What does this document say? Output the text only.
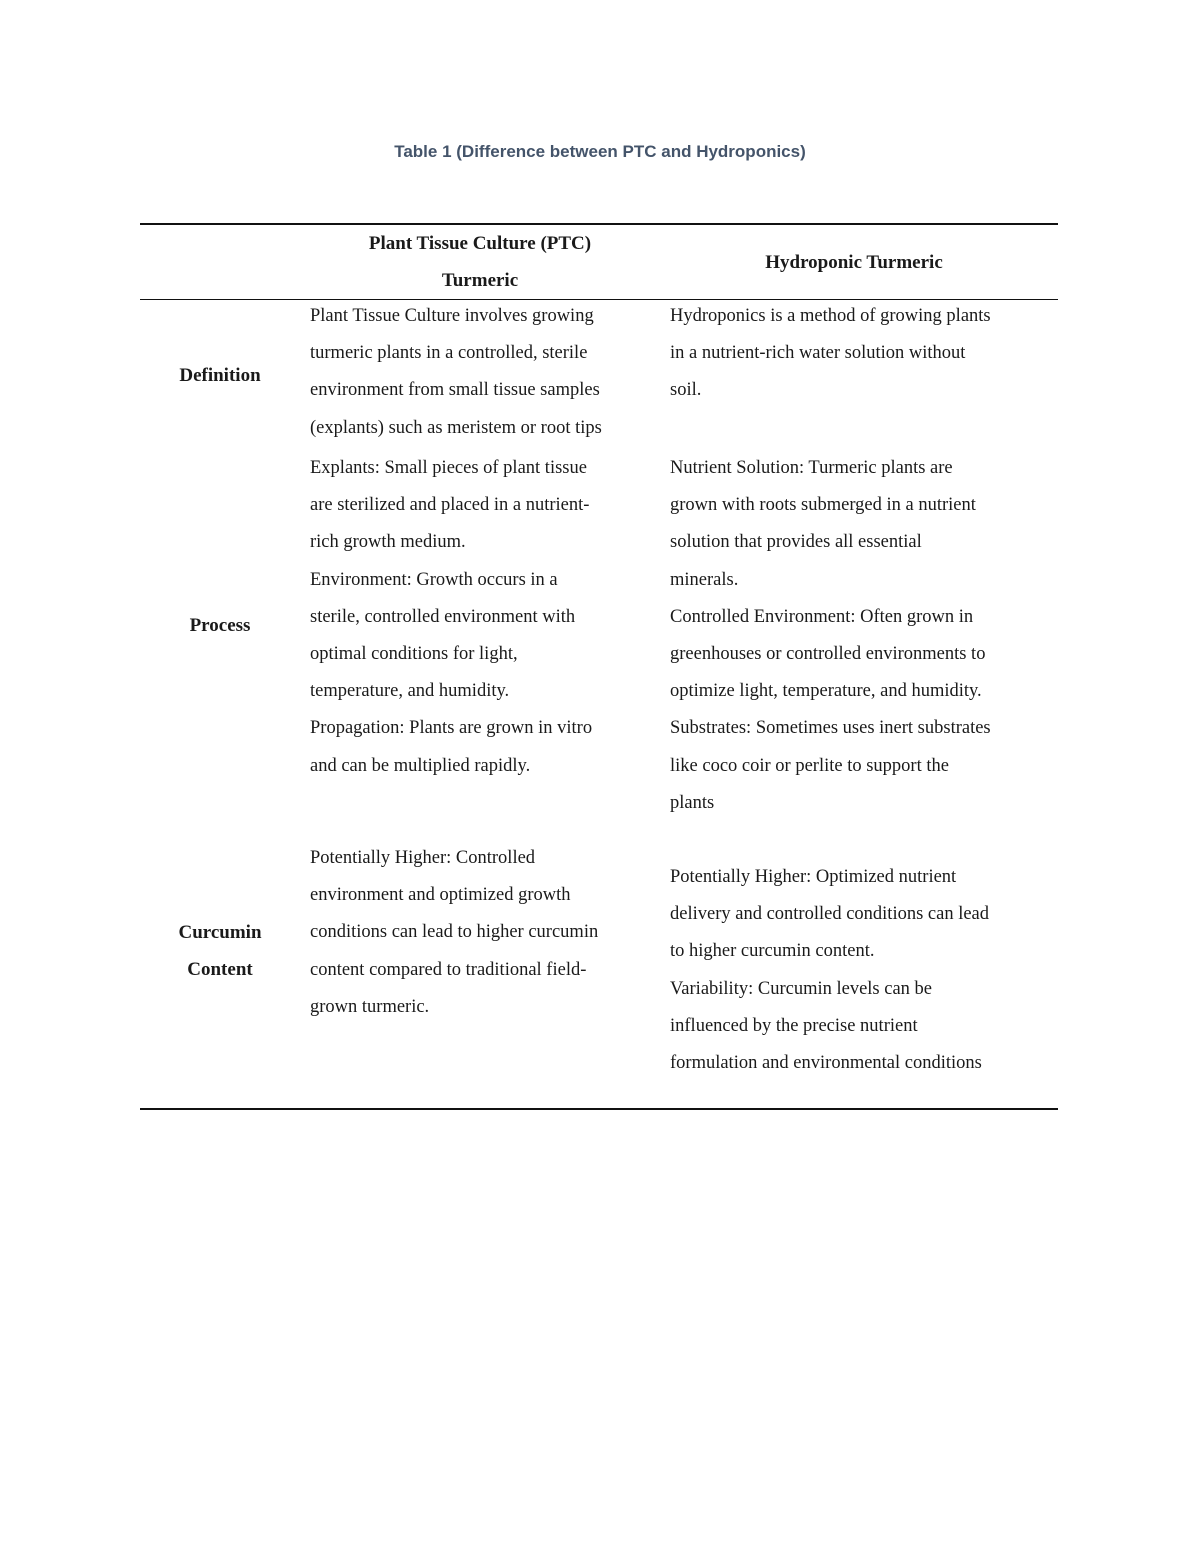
Table 1 (Difference between PTC and Hydroponics)
Plant Tissue Culture (PTC)
Turmeric
Hydroponic Turmeric
Definition

Plant Tissue Culture involves growing

turmeric plants in a controlled, sterile

environment from small tissue samples

(explants) such as meristem or root tips

Hydroponics is a method of growing plants

in a nutrient-rich water solution without

soil.

Process

Explants: Small pieces of plant tissue

are sterilized and placed in a nutrient-

rich growth medium.

Environment: Growth occurs in a

sterile, controlled environment with

optimal conditions for light,

temperature, and humidity.

Propagation: Plants are grown in vitro

and can be multiplied rapidly.

Nutrient Solution: Turmeric plants are

grown with roots submerged in a nutrient

solution that provides all essential

minerals.

Controlled Environment: Often grown in

greenhouses or controlled environments to

optimize light, temperature, and humidity.

Substrates: Sometimes uses inert substrates

like coco coir or perlite to support the

plants

Curcumin
Content

Potentially Higher: Controlled

environment and optimized growth

conditions can lead to higher curcumin

content compared to traditional field-

grown turmeric.

Potentially Higher: Optimized nutrient

delivery and controlled conditions can lead

to higher curcumin content.

Variability: Curcumin levels can be

influenced by the precise nutrient

formulation and environmental conditions
